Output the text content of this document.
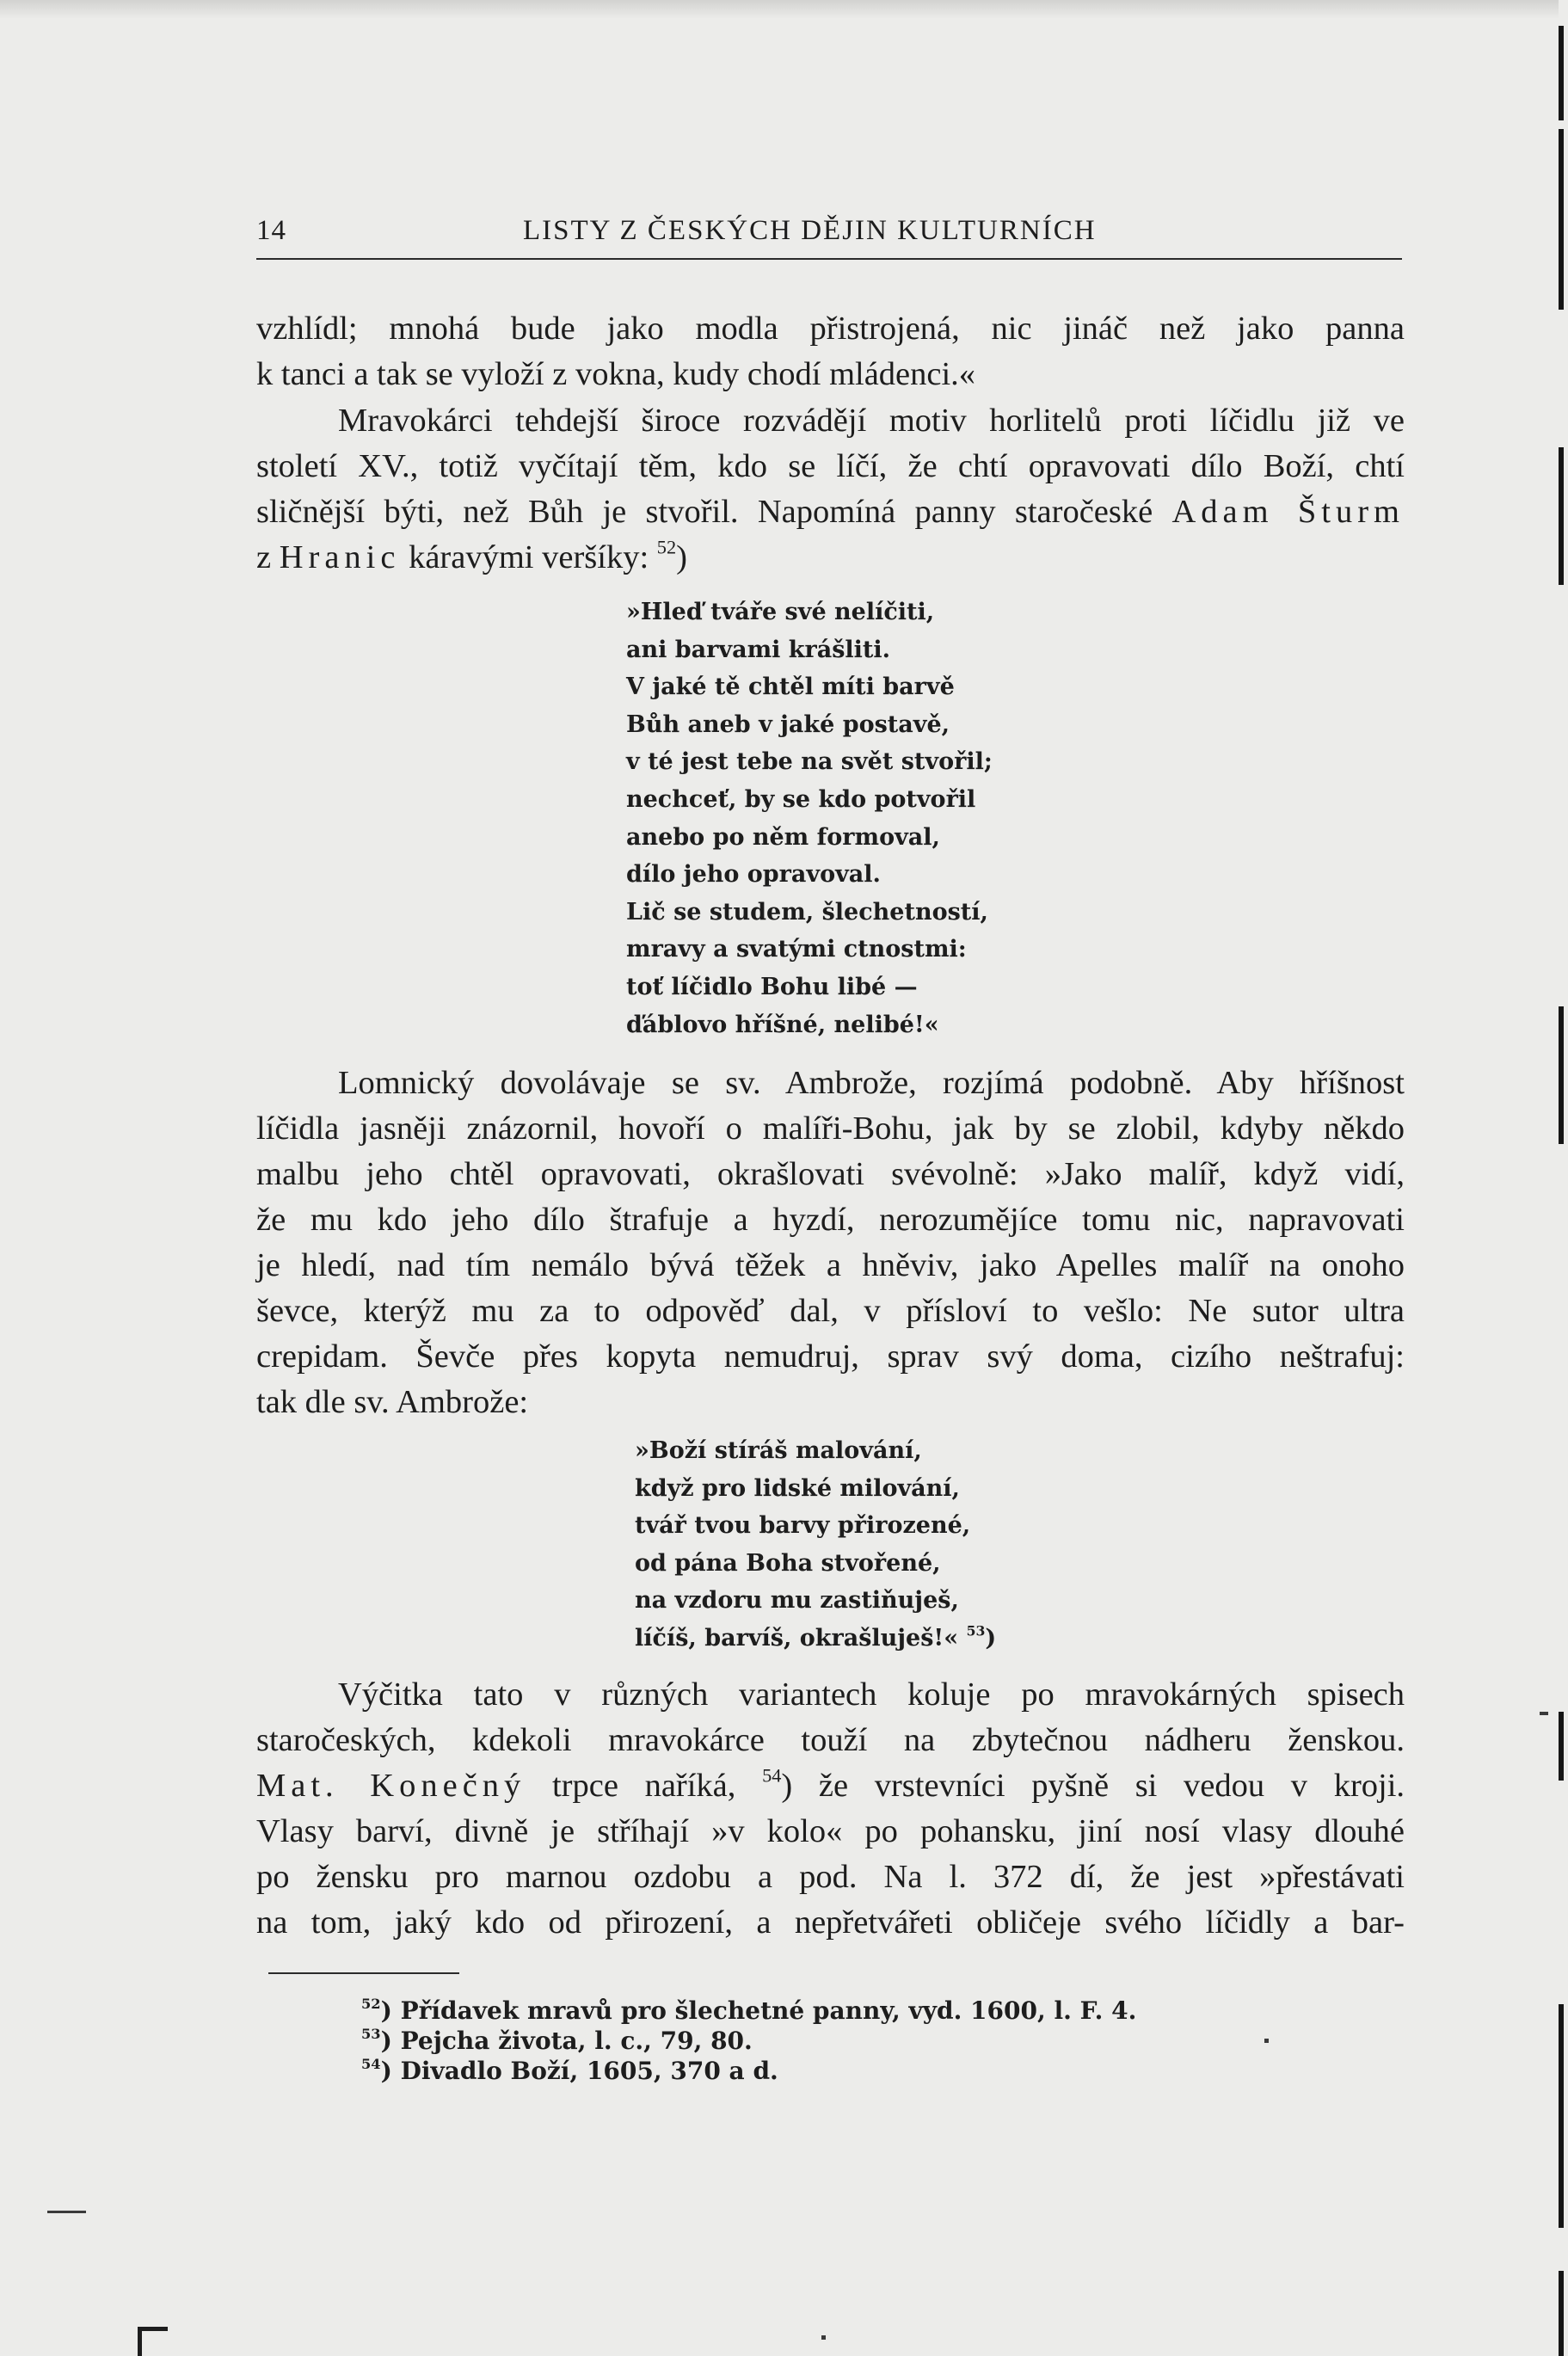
14	LISTY Z ČESKÝCH DĚJIN KULTURNÍCH
vzhlídl; mnohá bude jako modla přistrojená, nic jináč než jako panna
k tanci a tak se vyloží z vokna, kudy chodí mládenci.«
Mravokárci tehdejší široce rozvádějí motiv horlitelů proti líčidlu již ve
století XV., totiž vyčítají těm, kdo se líčí, že chtí opravovati dílo Boží, chtí
sličnější býti, než Bůh je stvořil. Napomíná panny staročeské Adam Šturm
z Hranic káravými veršíky: $^{52}$)
»Hleď tváře své nelíčiti,
ani barvami krášliti.
V jaké tě chtěl míti barvě
Bůh aneb v jaké postavě,
v té jest tebe na svět stvořil;
nechceť, by se kdo potvořil
anebo po něm formoval,
dílo jeho opravoval.
Lič se studem, šlechetností,
mravy a svatými ctnostmi:
toť líčidlo Bohu libé —
ďáblovo hříšné, nelibé!«
Lomnický dovolávaje se sv. Ambrože, rozjímá podobně. Aby hříšnost
líčidla jasněji znázornil, hovoří o malíři-Bohu, jak by se zlobil, kdyby někdo
malbu jeho chtěl opravovati, okrašlovati svévolně: »Jako malíř, když vidí,
že mu kdo jeho dílo štrafuje a hyzdí, nerozumějíce tomu nic, napravovati
je hledí, nad tím nemálo bývá těžek a hněviv, jako Apelles malíř na onoho
ševce, kterýž mu za to odpověď dal, v přísloví to vešlo: Ne sutor ultra
crepidam. Ševče přes kopyta nemudruj, sprav svý doma, cizího neštrafuj:
tak dle sv. Ambrože:
»Boží stíráš malování,
když pro lidské milování,
tvář tvou barvy přirozené,
od pána Boha stvořené,
na vzdoru mu zastiňuješ,
líčíš, barvíš, okrašluješ!« $^{53}$)
Výčitka tato v různých variantech koluje po mravokárných spisech
staročeských, kdekoli mravokárce touží na zbytečnou nádheru ženskou.
Mat. Konečný trpce naříká, $^{54}$) že vrstevníci pyšně si vedou v kroji.
Vlasy barví, divně je stříhají »v kolo« po pohansku, jiní nosí vlasy dlouhé
po žensku pro marnou ozdobu a pod. Na l. 372 dí, že jest »přestávati
na tom, jaký kdo od přirození, a nepřetvářeti obličeje svého líčidly a bar-
$^{52}$) Přídavek mravů pro šlechetné panny, vyd. 1600, l. F. 4.
$^{53}$) Pejcha života, l. c., 79, 80.
$^{54}$) Divadlo Boží, 1605, 370 a d.
